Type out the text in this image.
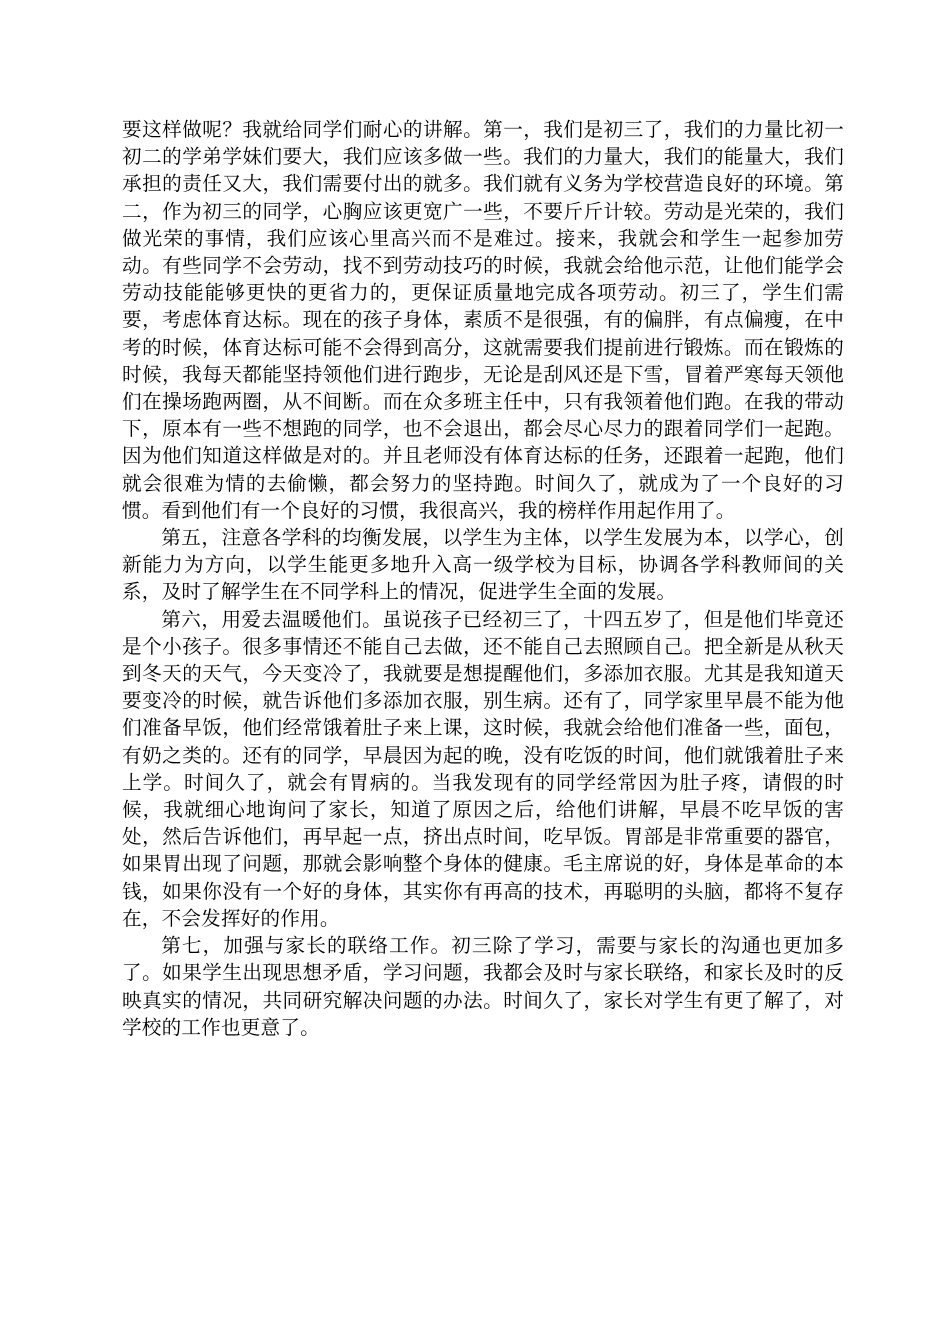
要这样做呢？我就给同学们耐心的讲解。第一，我们是初三了，我们的力量比初一初二的学弟学妹们要大，我们应该多做一些。我们的力量大，我们的能量大，我们承担的责任又大，我们需要付出的就多。我们就有义务为学校营造良好的环境。第二，作为初三的同学，心胸应该更宽广一些，不要斤斤计较。劳动是光荣的，我们做光荣的事情，我们应该心里高兴而不是难过。接来，我就会和学生一起参加劳动。有些同学不会劳动，找不到劳动技巧的时候，我就会给他示范，让他们能学会劳动技能能够更快的更省力的，更保证质量地完成各项劳动。初三了，学生们需要，考虑体育达标。现在的孩子身体，素质不是很强，有的偏胖，有点偏瘦，在中考的时候，体育达标可能不会得到高分，这就需要我们提前进行锻炼。而在锻炼的时候，我每天都能坚持领他们进行跑步，无论是刮风还是下雪，冒着严寒每天领他们在操场跑两圈，从不间断。而在众多班主任中，只有我领着他们跑。在我的带动下，原本有一些不想跑的同学，也不会退出，都会尽心尽力的跟着同学们一起跑。因为他们知道这样做是对的。并且老师没有体育达标的任务，还跟着一起跑，他们就会很难为情的去偷懒，都会努力的坚持跑。时间久了，就成为了一个良好的习惯。看到他们有一个良好的习惯，我很高兴，我的榜样作用起作用了。

第五，注意各学科的均衡发展，以学生为主体，以学生发展为本，以学心，创新能力为方向，以学生能更多地升入高一级学校为目标，协调各学科教师间的关系，及时了解学生在不同学科上的情况，促进学生全面的发展。

第六，用爱去温暖他们。虽说孩子已经初三了，十四五岁了，但是他们毕竟还是个小孩子。很多事情还不能自己去做，还不能自己去照顾自己。把全新是从秋天到冬天的天气，今天变冷了，我就要是想提醒他们，多添加衣服。尤其是我知道天要变冷的时候，就告诉他们多添加衣服，别生病。还有了，同学家里早晨不能为他们准备早饭，他们经常饿着肚子来上课，这时候，我就会给他们准备一些，面包，有奶之类的。还有的同学，早晨因为起的晚，没有吃饭的时间，他们就饿着肚子来上学。时间久了，就会有胃病的。当我发现有的同学经常因为肚子疼，请假的时候，我就细心地询问了家长，知道了原因之后，给他们讲解，早晨不吃早饭的害处，然后告诉他们，再早起一点，挤出点时间，吃早饭。胃部是非常重要的器官，如果胃出现了问题，那就会影响整个身体的健康。毛主席说的好，身体是革命的本钱，如果你没有一个好的身体，其实你有再高的技术，再聪明的头脑，都将不复存在，不会发挥好的作用。

第七，加强与家长的联络工作。初三除了学习，需要与家长的沟通也更加多了。如果学生出现思想矛盾，学习问题，我都会及时与家长联络，和家长及时的反映真实的情况，共同研究解决问题的办法。时间久了，家长对学生有更了解了，对学校的工作也更意了。
